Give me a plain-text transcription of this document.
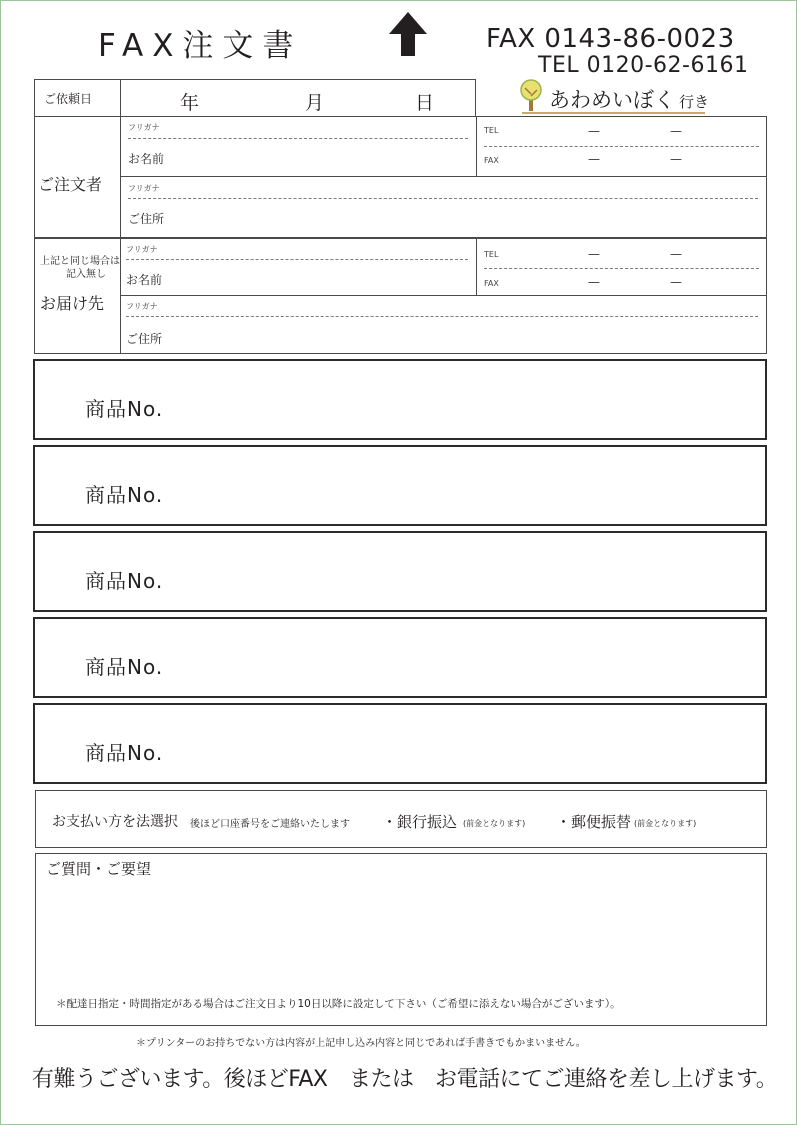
FAX注文書	FAX 0143-86-0023
TEL 0120-62-6161
あわめいぼく 行き
ご依頼日	年	月	日
ご注文者
フリガナ
お名前
TEL	—	—
FAX	—	—
フリガナ
ご住所
上記と同じ場合は
記入無し
お届け先
フリガナ
お名前
TEL	—	—
FAX	—	—
フリガナ
ご住所
商品No.
商品No.
商品No.
商品No.
商品No.
お支払い方を法選択 後ほど口座番号をご連絡いたします ・銀行振込 (前金となります) ・郵便振替 (前金となります)
ご質問・ご要望
＊配達日指定・時間指定がある場合はご注文日より10日以降に設定して下さい（ご希望に添えない場合がございます）。
＊プリンターのお持ちでない方は内容が上記申し込み内容と同じであれば手書きでもかまいません。
有難うございます。後ほどFAX　または　お電話にてご連絡を差し上げます。
